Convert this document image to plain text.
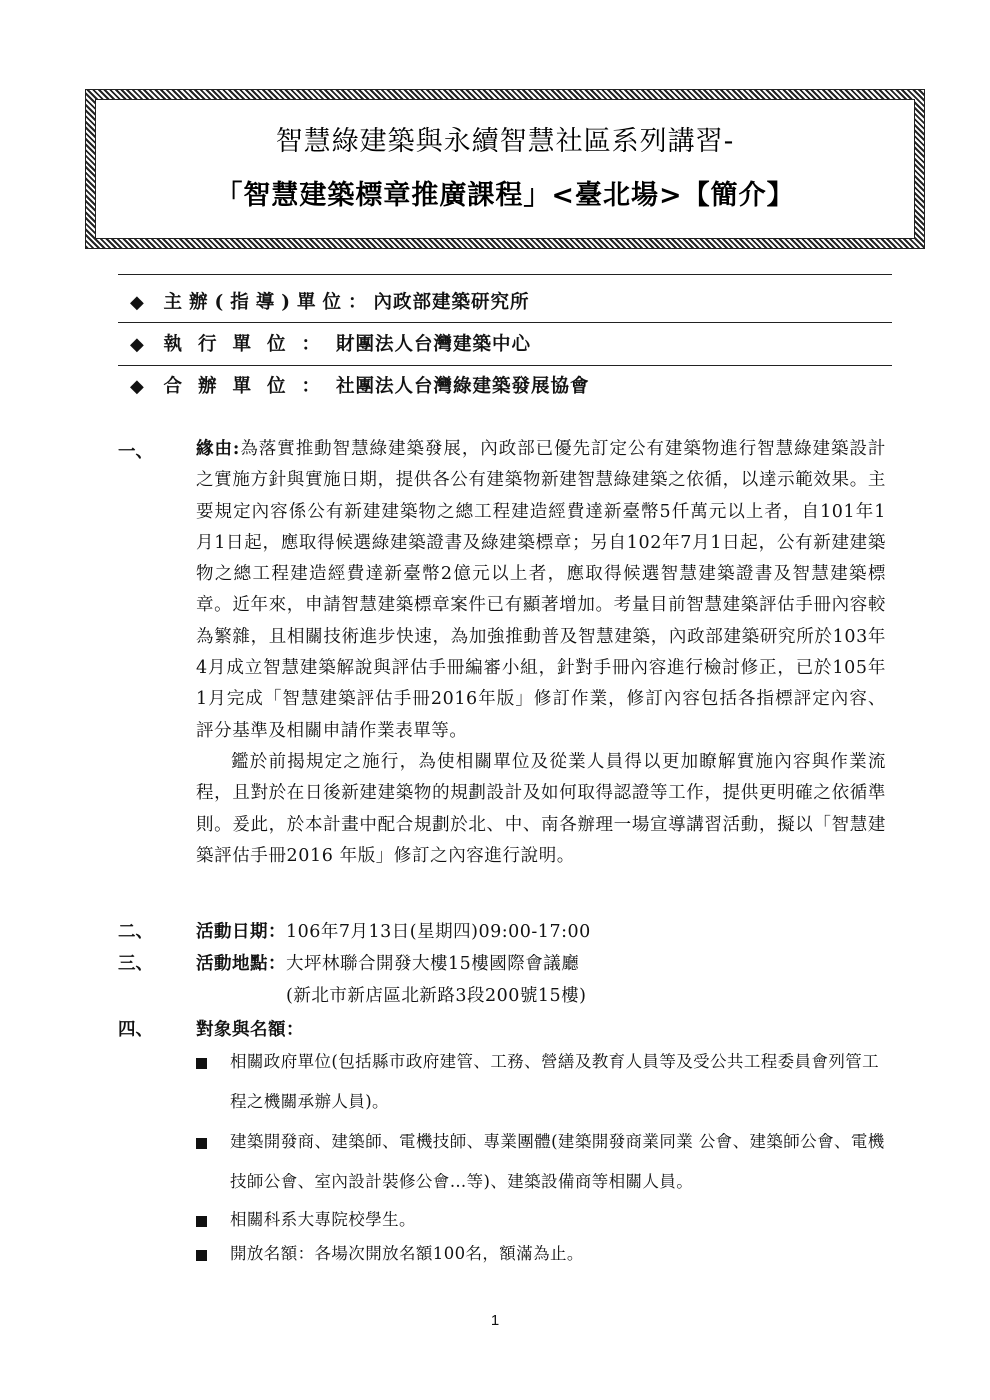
智慧綠建築與永續智慧社區系列講習-
「智慧建築標章推廣課程」<臺北場>【簡介】
◆ 主辦(指導)單位：內政部建築研究所
◆ 執行單位：財團法人台灣建築中心
◆ 合辦單位：社團法人台灣綠建築發展協會
一、 緣由:為落實推動智慧綠建築發展，內政部已優先訂定公有建築物進行智慧綠建築設計之實施方針與實施日期，提供各公有建築物新建智慧綠建築之依循，以達示範效果。主要規定內容係公有新建建築物之總工程建造經費達新臺幣5仟萬元以上者，自101年1月1日起，應取得候選綠建築證書及綠建築標章；另自102年7月1日起，公有新建建築物之總工程建造經費達新臺幣2億元以上者，應取得候選智慧建築證書及智慧建築標章。近年來，申請智慧建築標章案件已有顯著增加。考量目前智慧建築評估手冊內容較為繁雜，且相關技術進步快速，為加強推動普及智慧建築，內政部建築研究所於103年4月成立智慧建築解說與評估手冊編審小組，針對手冊內容進行檢討修正，已於105年1月完成「智慧建築評估手冊2016年版」修訂作業，修訂內容包括各指標評定內容、評分基準及相關申請作業表單等。
鑑於前揭規定之施行，為使相關單位及從業人員得以更加瞭解實施內容與作業流程，且對於在日後新建建築物的規劃設計及如何取得認證等工作，提供更明確之依循準則。爰此，於本計畫中配合規劃於北、中、南各辦理一場宣導講習活動，擬以「智慧建築評估手冊2016 年版」修訂之內容進行說明。
二、 活動日期：106年7月13日(星期四)09:00-17:00
三、 活動地點：大坪林聯合開發大樓15樓國際會議廳
(新北市新店區北新路3段200號15樓)
四、 對象與名額：
相關政府單位(包括縣市政府建管、工務、營繕及教育人員等及受公共工程委員會列管工程之機關承辦人員)。
建築開發商、建築師、電機技師、專業團體(建築開發商業同業 公會、建築師公會、電機技師公會、室內設計裝修公會…等)、建築設備商等相關人員。
相關科系大專院校學生。
開放名額：各場次開放名額100名，額滿為止。
1
